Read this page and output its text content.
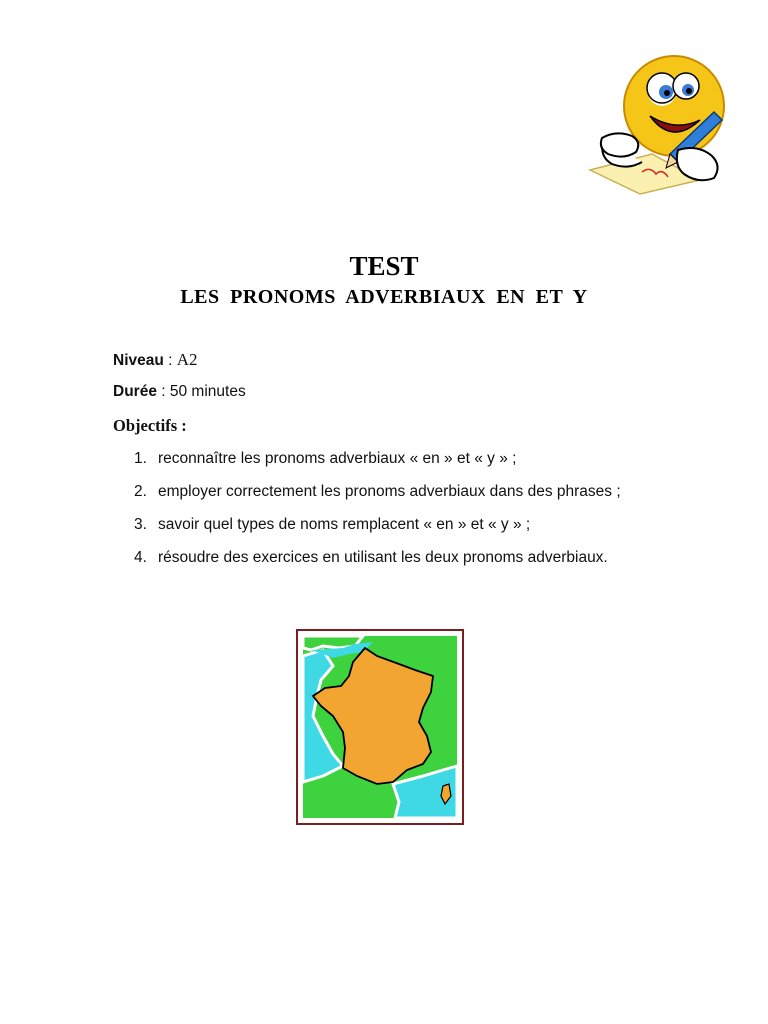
TEST
LES PRONOMS ADVERBIAUX EN ET Y
Niveau : A2
Durée : 50 minutes
Objectifs :
1. reconnaître les pronoms adverbiaux « en » et « y » ;
2. employer correctement les pronoms adverbiaux dans des phrases ;
3. savoir quel types de noms remplacent « en » et « y » ;
4. résoudre des exercices en utilisant les deux pronoms adverbiaux.
